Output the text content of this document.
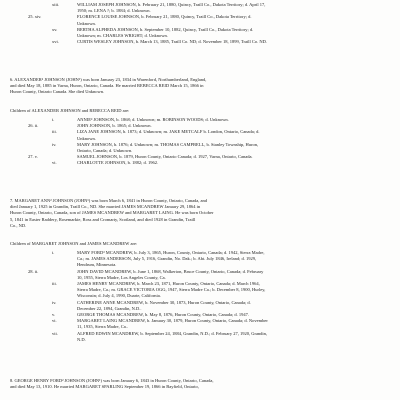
xiii.	WILLIAM JOSEPH JOHNSON, b. February 21, 1880, Quincy, Traill Co., Dakota Territory; d. April 17,
1950; m. LENA ?; b. 1884; d. Unknown.
25. xiv.	FLORENCE LOUISE JOHNSON, b. February 21, 1880, Quincy, Traill Co., Dakota Territory; d.
Unknown.
xv.	BERTHA ALPHEDA JOHNSON, b. September 10, 1882, Quincy, Traill Co., Dakota Territory; d.
Unknown; m. CHARLES WRIGHT; d. Unknown.
xvi.	CURTIS WESLEY JOHNSON, b. March 13, 1885, Traill Co. ND; d. November 18, 1899, Traill Co. ND.
6. ALEXANDER² JOHNSON (JOHN¹) was born January 23, 1834 in Warenford, Northumberland, England,
and died May 18, 1885 in Varna, Huron, Ontario, Canada. He married REBECCA REID March 15, 1866 in
Huron County, Ontario Canada. She died Unknown.
Children of ALEXANDER JOHNSON and REBECCA REID are:
i.	ANNIE³ JOHNSON, b. 1868; d. Unknown; m. ROBINSON WOODS; d. Unknown.
26. ii.	JOHN JOHNSON, b. 1865; d. Unknown.
iii.	LIZA JANE JOHNSON, b. 1873; d. Unknown; m. JAKE METCALF b. London, Ontario, Canada; d.
Unknown.
iv.	MARY JOHNSON, b. 1876; d. Unknown; m. THOMAS CAMPBELL, b. Stanley Township, Huron,
Ontario, Canada; d. Unknown.
27. v.	SAMUEL JOHNSON, b. 1879, Huron County, Ontario Canada; d. 1927, Varna, Ontario, Canada.
vi.	CHARLOTTE JOHNSON, b. 1882; d. 1962.
7. MARGARET ANN² JOHNSON (JOHN¹) was born March 6, 1841 in Huron County, Ontario, Canada, and
died January 1, 1925 in Grandin, Traill Co., ND. She married JAMES MCANDREW January 29, 1864 in
Huron County, Ontario, Canada, son of JAMES MCANDREW and MARGARET LAING. He was born October
5, 1841 in Easter Raddery, Rosemarkie, Ross and Cromarty, Scotland, and died 1928 in Grandin, Traill
Co., ND.
Children of MARGARET JOHNSON and JAMES MCANDREW are:
i.	MARY FORD³ MCANDREW, b. July 3, 1865, Huron, County, Ontario, Canada; d. 1942, Sierra Madre,
Ca.; m. JAMES ANDERSON, July 5, 1916, Grandin, No. Dak.; b. Abt. July 1846, Ireland; d. 1929,
Hendrum, Minnesota.
28. ii.	JOHN DAVID MCANDREW, b. June 1, 1868, Walkerton, Bruce County, Ontario, Canada; d. February
10, 1955, Sierra Madre, Los Angeles County, Ca.
iii.	JAMES HENRY MCANDREW, b. March 23, 1871, Huron County, Ontario, Canada; d. March 1964,
Sierra Madre, Ca.; m. GRACE VICTORIA OGG, 1947, Sierra Madre Ca.; b. December 8, 1900, Hurley,
Wisconsin; d. July 4, 1990, Duarte, California.
iv.	CATHERINE ANNE MCANDREW, b. November 30, 1873, Huron County, Ontario, Canada; d.
December 22, 1894, Grandin, N.D..
v.	GEORGE THOMAS MCANDREW, b. May 8, 1876, Huron County, Ontario, Canada; d. 1947.
vi.	MARGARET LAING MCANDREW, b. January 30, 1879, Huron County, Ontario, Canada; d. November
11, 1935, Sierra Madre, Ca..
vii.	ALFRED EDWIN MCANDREW, b. September 24, 1884, Grandin, N.D.; d. February 27, 1920, Grandin,
N.D.
8. GEORGE HENRY FORD² JOHNSON (JOHN¹) was born January 6, 1843 in Huron County, Ontario, Canada,
and died May 13, 1910. He married MARGARET SPARLING September 19, 1866 in Bayfield, Ontario,
